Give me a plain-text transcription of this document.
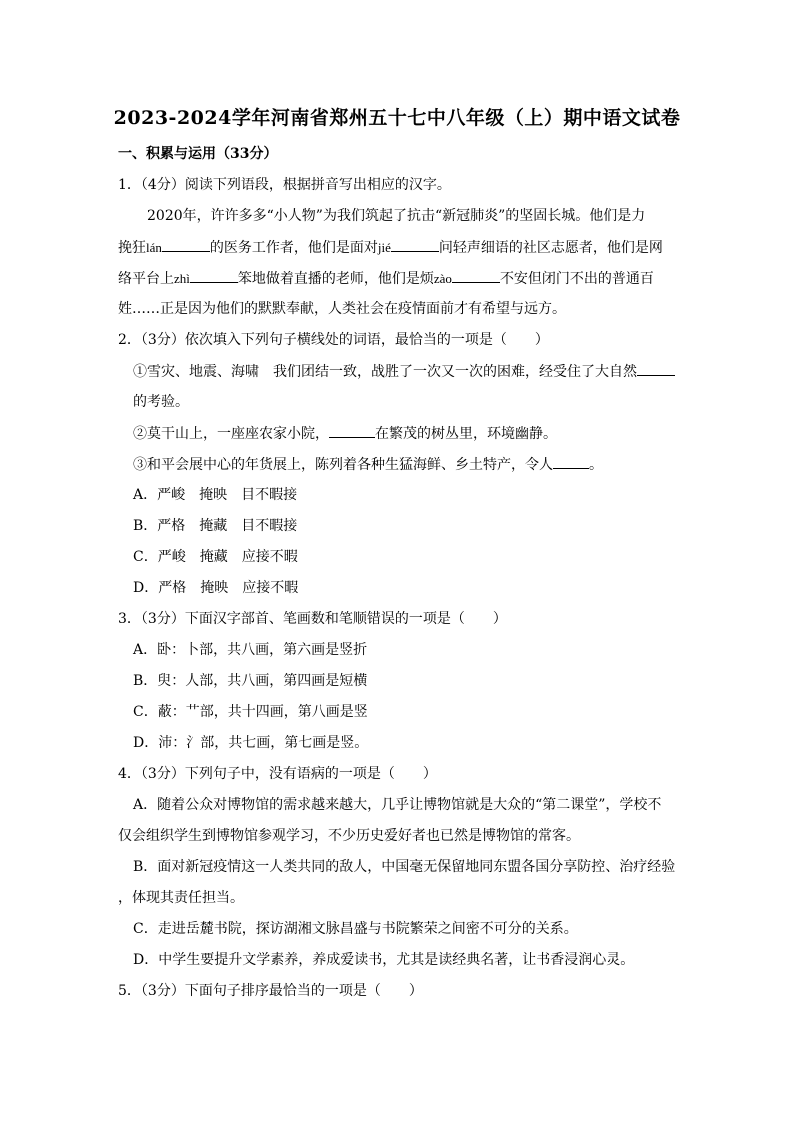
2023-2024学年河南省郑州五十七中八年级（上）期中语文试卷
一、积累与运用（33分）
1．（4分）阅读下列语段，根据拼音写出相应的汉字。
2020年，许许多多“小人物”为我们筑起了抗击“新冠肺炎”的坚固长城。他们是力
挽狂lán	的医务工作者，他们是面对jié	问轻声细语的社区志愿者，他们是网
络平台上zhì	笨地做着直播的老师，他们是烦zào	不安但闭门不出的普通百
姓……正是因为他们的默默奉献，人类社会在疫情面前才有希望与远方。
2．（3分）依次填入下列句子横线处的词语，最恰当的一项是（　　）
①雪灾、地震、海啸　我们团结一致，战胜了一次又一次的困难，经受住了大自然
的考验。
②莫干山上，一座座农家小院，	在繁茂的树丛里，环境幽静。
③和平会展中心的年货展上，陈列着各种生猛海鲜、乡土特产，令人	。
A．严峻　掩映　目不暇接
B．严格　掩藏　目不暇接
C．严峻　掩藏　应接不暇
D．严格　掩映　应接不暇
3．（3分）下面汉字部首、笔画数和笔顺错误的一项是（　　）
A．卧：卜部，共八画，第六画是竖折
B．臾：人部，共八画，第四画是短横
C．蔽：艹部，共十四画，第八画是竖
D．沛：氵部，共七画，第七画是竖。
4．（3分）下列句子中，没有语病的一项是（　　）
A．随着公众对博物馆的需求越来越大，几乎让博物馆就是大众的“第二课堂”，学校不
仅会组织学生到博物馆参观学习，不少历史爱好者也已然是博物馆的常客。
B．面对新冠疫情这一人类共同的敌人，中国毫无保留地同东盟各国分享防控、治疗经验
，体现其责任担当。
C．走进岳麓书院，探访湖湘文脉昌盛与书院繁荣之间密不可分的关系。
D．中学生要提升文学素养，养成爱读书，尤其是读经典名著，让书香浸润心灵。
5．（3分）下面句子排序最恰当的一项是（　　）
